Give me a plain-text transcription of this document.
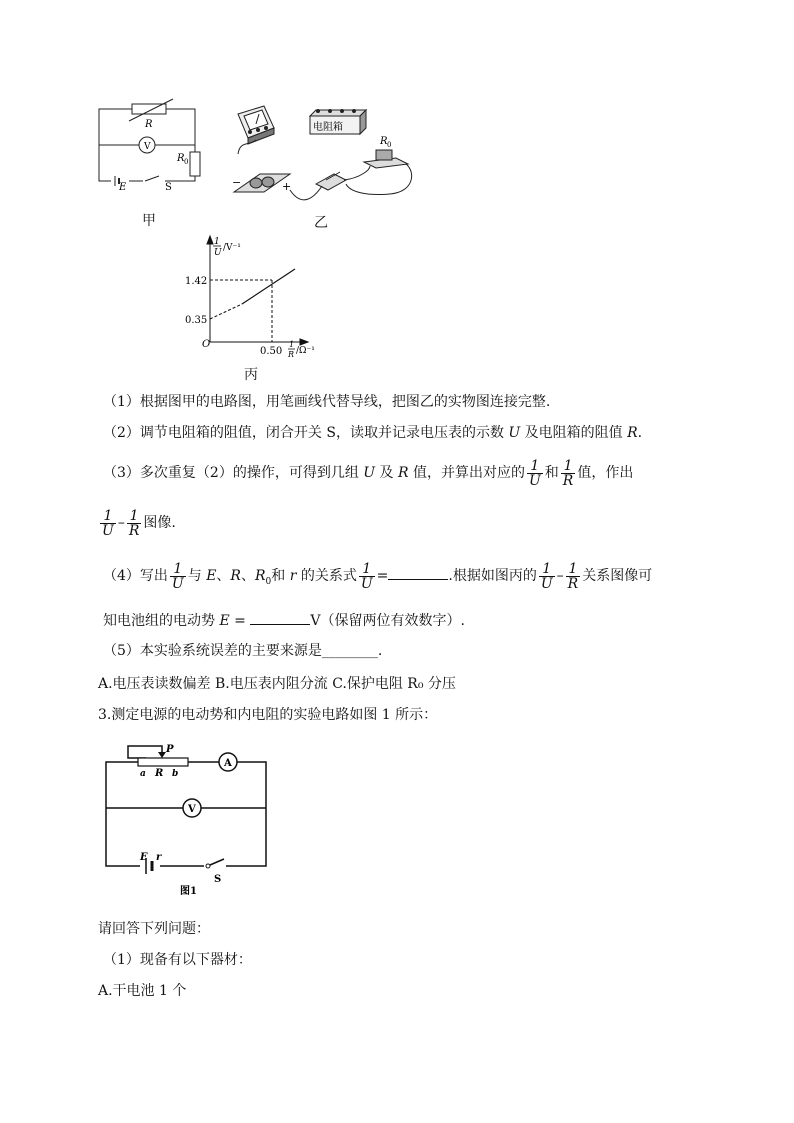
R
V
R 0
E	S
甲
电阻箱
R 0
−	+
乙
1
U /V⁻¹
1.42
0.35
O
0.50
1
R /Ω⁻¹
丙
（1）根据图甲的电路图，用笔画线代替导线，把图乙的实物图连接完整.
（2）调节电阻箱的阻值，闭合开关 S，读取并记录电压表的示数 U 及电阻箱的阻值 R.
（3）多次重复（2）的操作，可得到几组 U 及 R 值，并算出对应的 $\frac{1}{U}$ 和 $\frac{1}{R}$ 值，作出
$\frac{1}{U} - \frac{1}{R}$ 图像.
（4）写出 $\frac{1}{U}$ 与 E、R、$R_0$和 r 的关系式 $\frac{1}{U}$ =	.根据如图丙的 $\frac{1}{U} - \frac{1}{R}$ 关系图像可
知电池组的电动势 E =	V（保留两位有效数字）.
（5）本实验系统误差的主要来源是________.
A.电压表读数偏差 B.电压表内阻分流 C.保护电阻 R₀ 分压
3.测定电源的电动势和内电阻的实验电路如图 1 所示：
P
a R b
A
V
E r
S
图1
请回答下列问题：
（1）现备有以下器材：
A.干电池 1 个
